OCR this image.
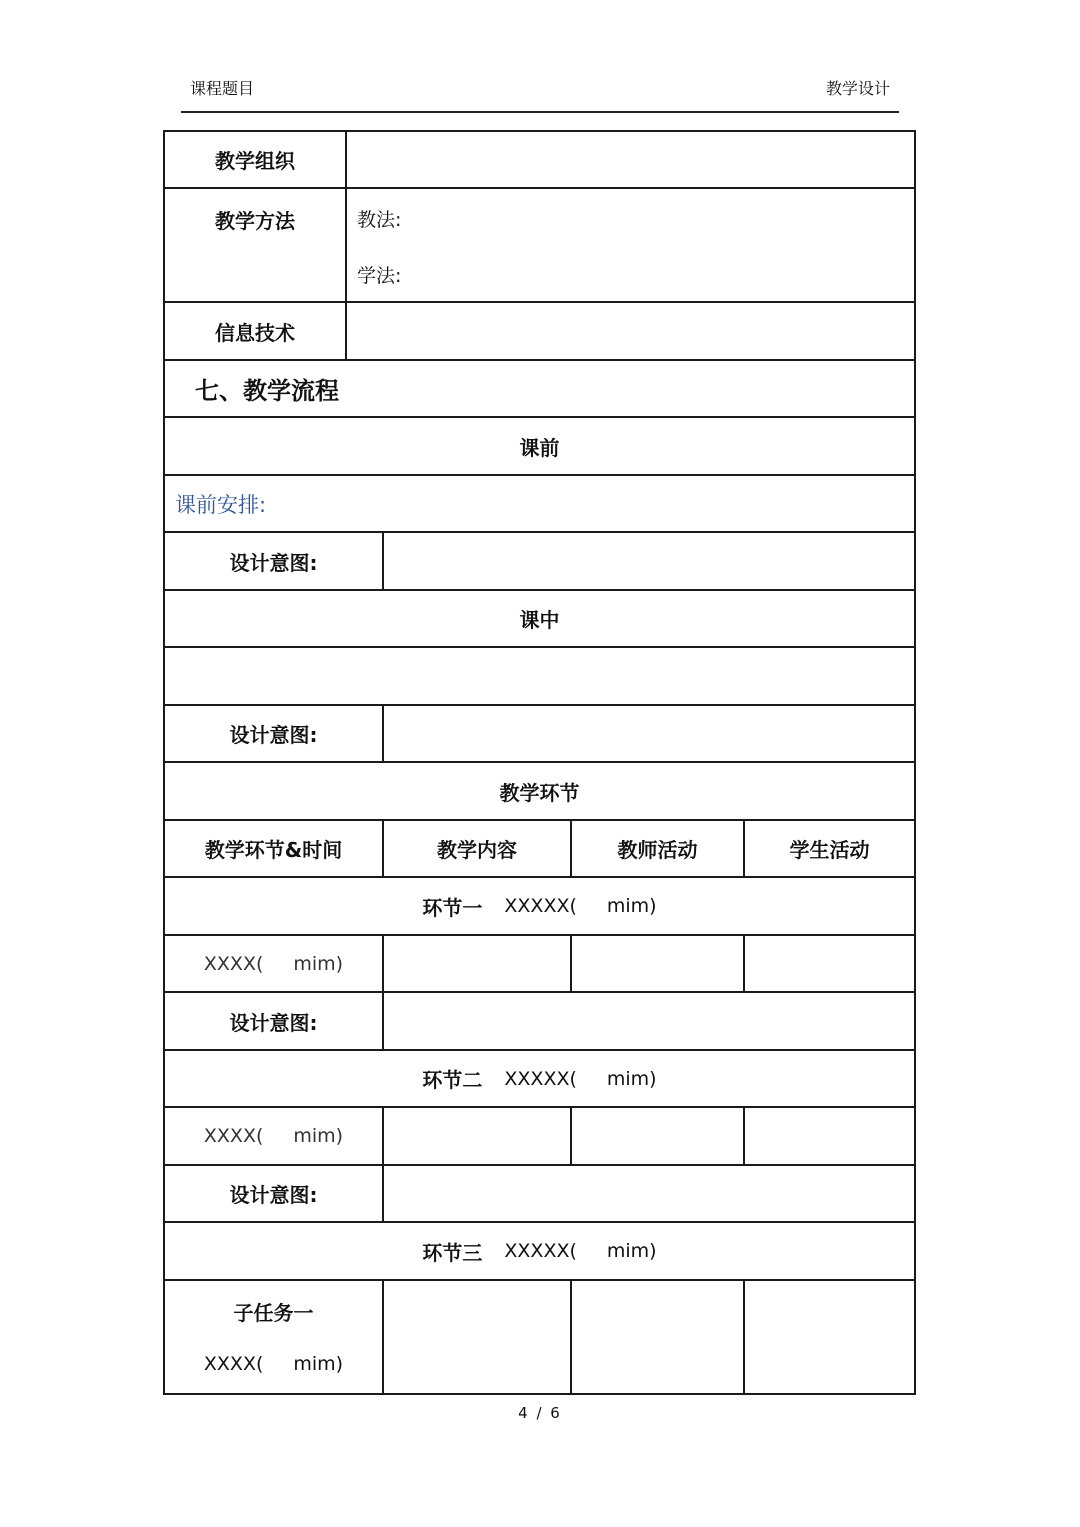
课程题目	教学设计
教学组织
教学方法	教法:
学法:
信息技术
七、教学流程
课前
课前安排:
设计意图:
课中
设计意图:
教学环节
教学环节&时间	教学内容	教师活动	学生活动
环节一 XXXXX( mim)
XXXX( mim)
设计意图:
环节二 XXXXX( mim)
XXXX( mim)
设计意图:
环节三 XXXXX( mim)
子任务一
XXXX( mim)
4 / 6
